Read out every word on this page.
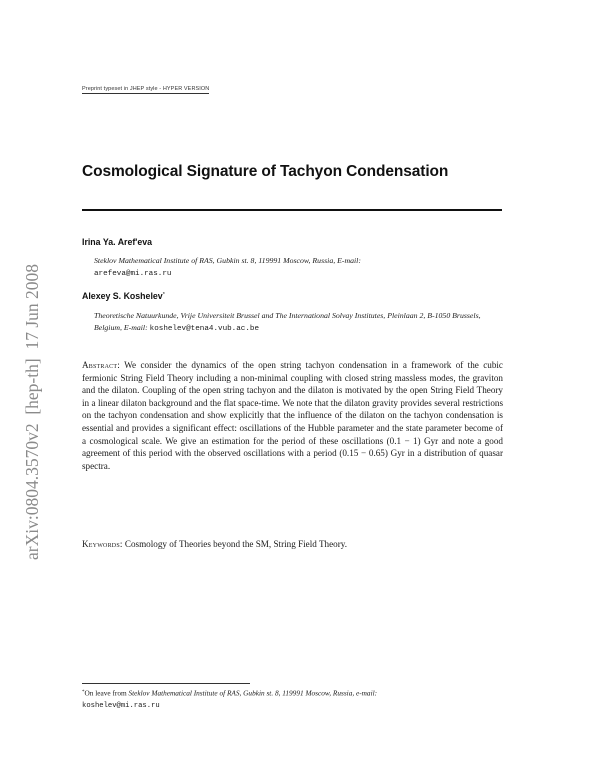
Preprint typeset in JHEP style - HYPER VERSION
arXiv:0804.3570v2  [hep-th]  17 Jun 2008
Cosmological Signature of Tachyon Condensation
Irina Ya. Aref'eva
Steklov Mathematical Institute of RAS, Gubkin st. 8, 119991 Moscow, Russia, E-mail:
arefeva@mi.ras.ru
Alexey S. Koshelev*
Theoretische Natuurkunde, Vrije Universiteit Brussel and The International Solvay Institutes, Pleinlaan 2, B-1050 Brussels, Belgium, E-mail: koshelev@tena4.vub.ac.be
Abstract: We consider the dynamics of the open string tachyon condensation in a framework of the cubic fermionic String Field Theory including a non-minimal coupling with closed string massless modes, the graviton and the dilaton. Coupling of the open string tachyon and the dilaton is motivated by the open String Field Theory in a linear dilaton background and the flat space-time. We note that the dilaton gravity provides several restrictions on the tachyon condensation and show explicitly that the influence of the dilaton on the tachyon condensation is essential and provides a significant effect: oscillations of the Hubble parameter and the state parameter become of a cosmological scale. We give an estimation for the period of these oscillations (0.1 − 1) Gyr and note a good agreement of this period with the observed oscillations with a period (0.15 − 0.65) Gyr in a distribution of quasar spectra.
Keywords: Cosmology of Theories beyond the SM, String Field Theory.
*On leave from Steklov Mathematical Institute of RAS, Gubkin st. 8, 119991 Moscow, Russia, e-mail:
koshelev@mi.ras.ru
